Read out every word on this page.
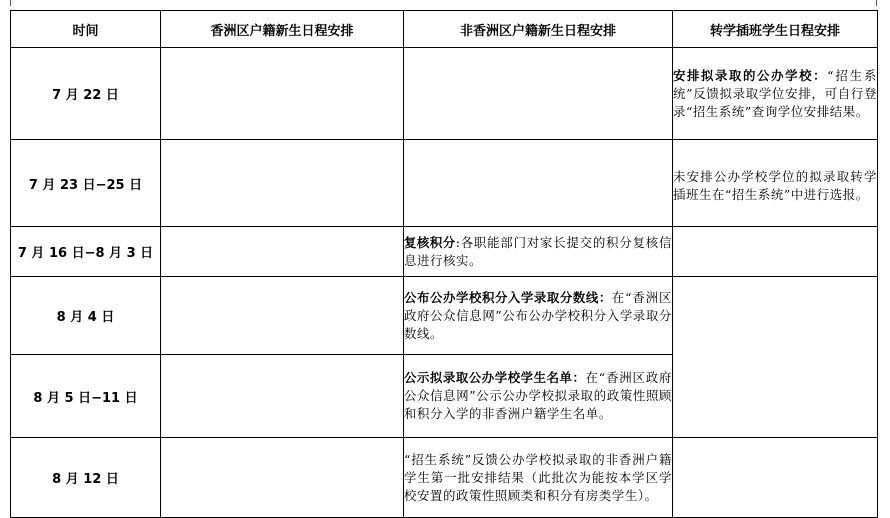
时间	香洲区户籍新生日程安排	非香洲区户籍新生日程安排	转学插班学生日程安排
7 月 22 日			安排拟录取的公办学校：“招生系统”反馈拟录取学位安排，可自行登录“招生系统”查询学位安排结果。
7 月 23 日−25 日			未安排公办学校学位的拟录取转学插班生在“招生系统”中进行选报。
7 月 16 日−8 月 3 日		复核积分:各职能部门对家长提交的积分复核信息进行核实。	
8 月 4 日		公布公办学校积分入学录取分数线：在“香洲区政府公众信息网”公布公办学校积分入学录取分数线。	
8 月 5 日−11 日		公示拟录取公办学校学生名单：在“香洲区政府公众信息网”公示公办学校拟录取的政策性照顾和积分入学的非香洲户籍学生名单。	
8 月 12 日		“招生系统”反馈公办学校拟录取的非香洲户籍学生第一批安排结果（此批次为能按本学区学校安置的政策性照顾类和积分有房类学生）。	
